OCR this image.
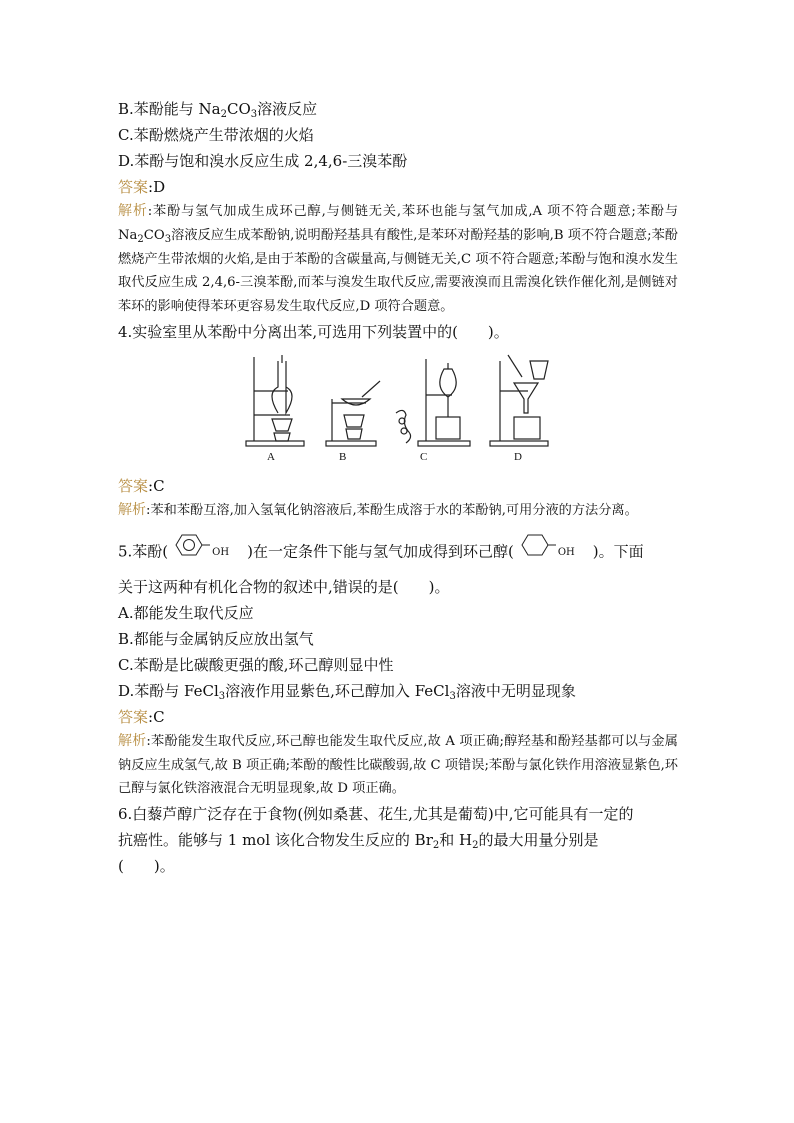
B.苯酚能与 $Na_2CO_3$溶液反应
C.苯酚燃烧产生带浓烟的火焰
D.苯酚与饱和溴水反应生成 2,4,6-三溴苯酚
答案:D
解析:苯酚与氢气加成生成环己醇,与侧链无关,苯环也能与氢气加成,A 项不符合题意;苯酚与 $Na_2CO_3$溶液反应生成苯酚钠,说明酚羟基具有酸性,是苯环对酚羟基的影响,B 项不符合题意;苯酚燃烧产生带浓烟的火焰,是由于苯酚的含碳量高,与侧链无关,C 项不符合题意;苯酚与饱和溴水发生取代反应生成 2,4,6-三溴苯酚,而苯与溴发生取代反应,需要液溴而且需溴化铁作催化剂,是侧链对苯环的影响使得苯环更容易发生取代反应,D 项符合题意。
4.实验室里从苯酚中分离出苯,可选用下列装置中的(　　)。
A	B	C	D
答案:C
解析:苯和苯酚互溶,加入氢氧化钠溶液后,苯酚生成溶于水的苯酚钠,可用分液的方法分离。
5.苯酚(	$^{OH}$ )在一定条件下能与氢气加成得到环己醇(	$^{OH}$ )。下面
关于这两种有机化合物的叙述中,错误的是(　　)。
A.都能发生取代反应
B.都能与金属钠反应放出氢气
C.苯酚是比碳酸更强的酸,环己醇则显中性
D.苯酚与 FeCl$_3$溶液作用显紫色,环己醇加入 FeCl$_3$溶液中无明显现象
答案:C
解析:苯酚能发生取代反应,环己醇也能发生取代反应,故 A 项正确;醇羟基和酚羟基都可以与金属钠反应生成氢气,故 B 项正确;苯酚的酸性比碳酸弱,故 C 项错误;苯酚与氯化铁作用溶液显紫色,环己醇与氯化铁溶液混合无明显现象,故 D 项正确。
6.白藜芦醇广泛存在于食物(例如桑葚、花生,尤其是葡萄)中,它可能具有一定的
抗癌性。能够与 1 mol 该化合物发生反应的 $Br_2$和 $H_2$的最大用量分别是
(　　)。
